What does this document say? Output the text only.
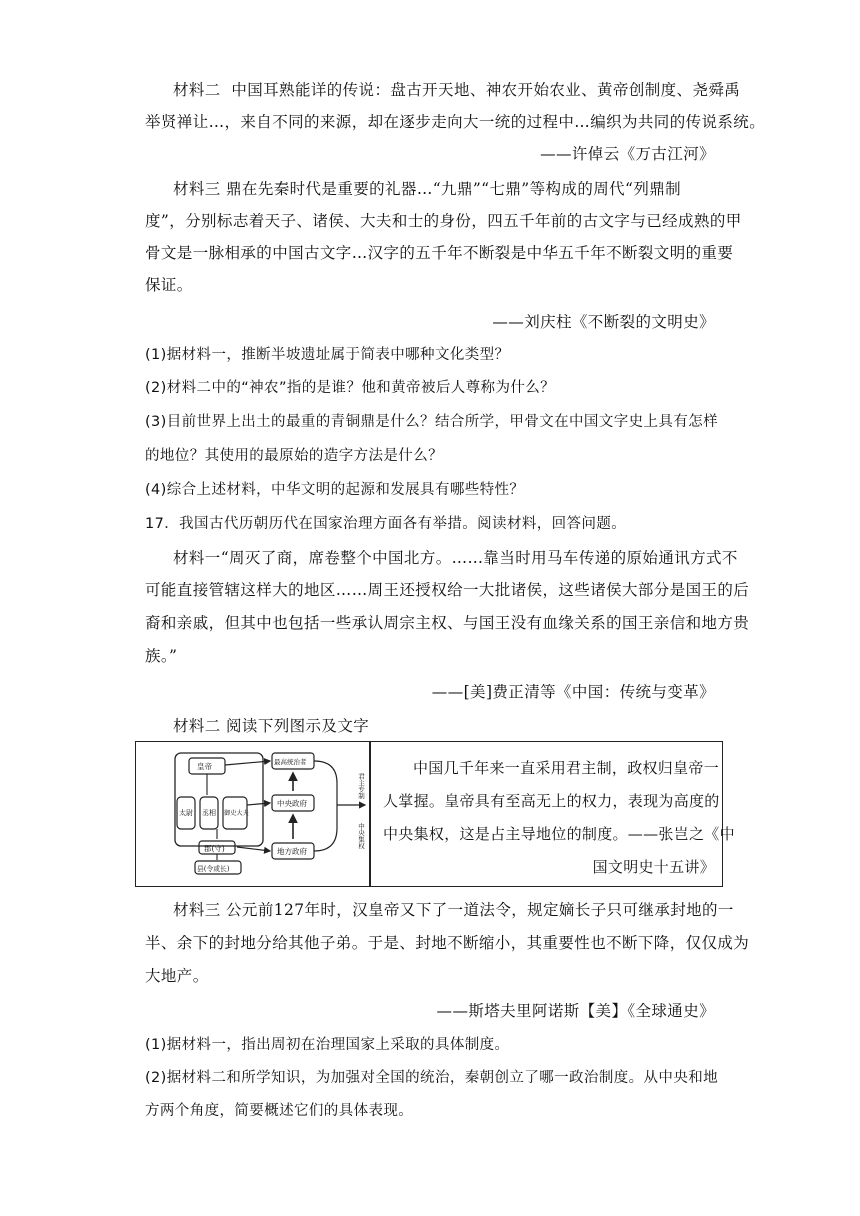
材料二 中国耳熟能详的传说：盘古开天地、神农开始农业、黄帝创制度、尧舜禹
举贤禅让…，来自不同的来源，却在逐步走向大一统的过程中…编织为共同的传说系统。
——许倬云《万古江河》
材料三 鼎在先秦时代是重要的礼器…“九鼎”“七鼎”等构成的周代“列鼎制
度”，分别标志着天子、诸侯、大夫和士的身份，四五千年前的古文字与已经成熟的甲
骨文是一脉相承的中国古文字…汉字的五千年不断裂是中华五千年不断裂文明的重要
保证。
——刘庆柱《不断裂的文明史》
(1)据材料一，推断半坡遗址属于简表中哪种文化类型？
(2)材料二中的“神农”指的是谁？他和黄帝被后人尊称为什么？
(3)目前世界上出土的最重的青铜鼎是什么？结合所学，甲骨文在中国文字史上具有怎样
的地位？其使用的最原始的造字方法是什么？
(4)综合上述材料，中华文明的起源和发展具有哪些特性？
17．我国古代历朝历代在国家治理方面各有举措。阅读材料，回答问题。
材料一“周灭了商，席卷整个中国北方。……靠当时用马车传递的原始通讯方式不
可能直接管辖这样大的地区……周王还授权给一大批诸侯，这些诸侯大部分是国王的后
裔和亲戚，但其中也包括一些承认周宗主权、与国王没有血缘关系的国王亲信和地方贵
族。”
——[美]费正清等《中国：传统与变革》
材料二 阅读下列图示及文字
皇帝
太尉 丞相 御史大夫
郡(守)
县(令或长)
最高统治者
中央政府
地方政府
君主专制
中央集权
中国几千年来一直采用君主制，政权归皇帝一
人掌握。皇帝具有至高无上的权力，表现为高度的
中央集权，这是占主导地位的制度。——张岂之《中
国文明史十五讲》
材料三 公元前127年时，汉皇帝又下了一道法令，规定嫡长子只可继承封地的一
半、余下的封地分给其他子弟。于是、封地不断缩小，其重要性也不断下降，仅仅成为
大地产。
——斯塔夫里阿诺斯【美】《全球通史》
(1)据材料一，指出周初在治理国家上采取的具体制度。
(2)据材料二和所学知识，为加强对全国的统治，秦朝创立了哪一政治制度。从中央和地
方两个角度，简要概述它们的具体表现。
